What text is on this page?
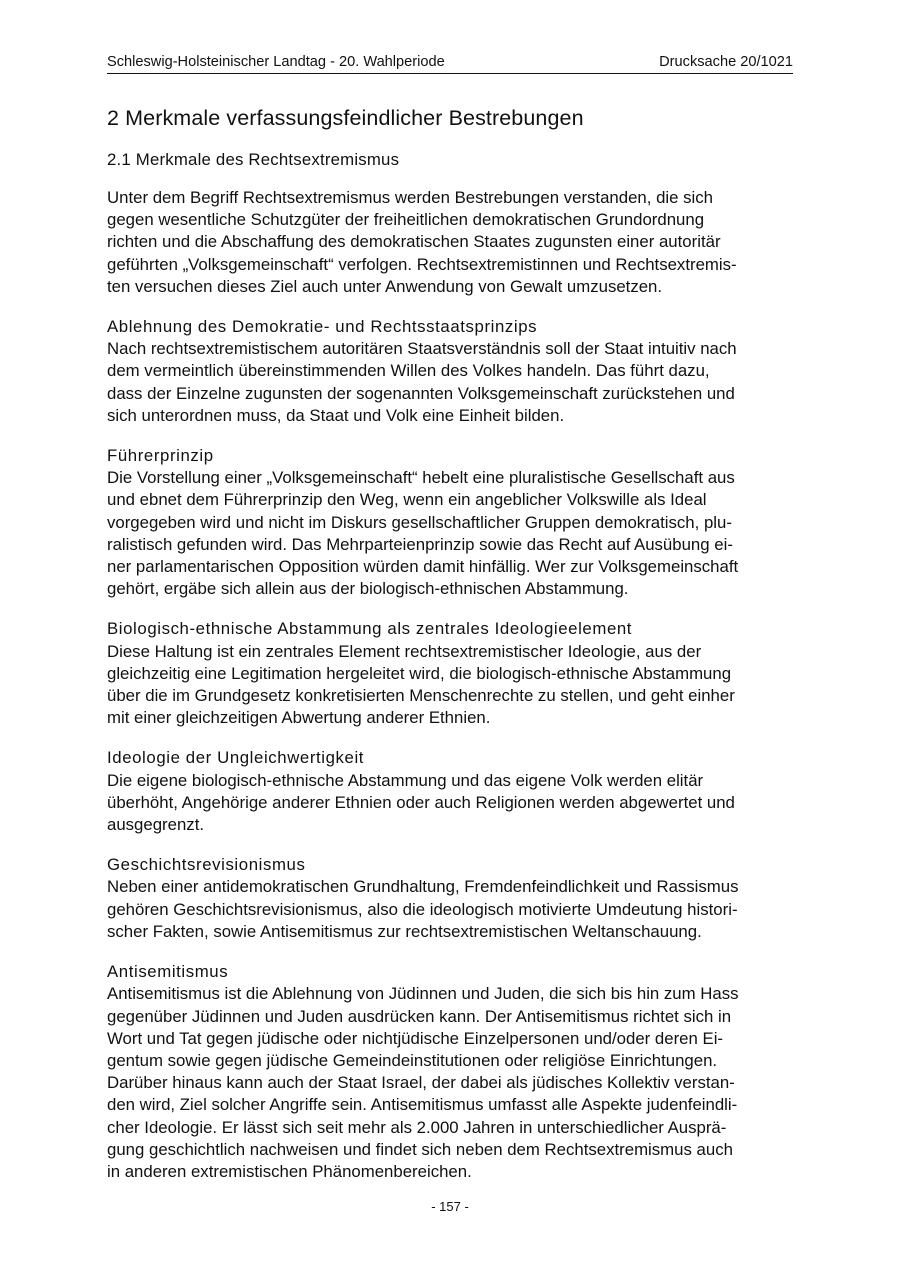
Schleswig-Holsteinischer Landtag - 20. Wahlperiode	Drucksache 20/1021
2 Merkmale verfassungsfeindlicher Bestrebungen
2.1 Merkmale des Rechtsextremismus

Unter dem Begriff Rechtsextremismus werden Bestrebungen verstanden, die sich
gegen wesentliche Schutzgüter der freiheitlichen demokratischen Grundordnung
richten und die Abschaffung des demokratischen Staates zugunsten einer autoritär
geführten „Volksgemeinschaft“ verfolgen. Rechtsextremistinnen und Rechtsextremis-
ten versuchen dieses Ziel auch unter Anwendung von Gewalt umzusetzen.

Ablehnung des Demokratie- und Rechtsstaatsprinzips

Nach rechtsextremistischem autoritären Staatsverständnis soll der Staat intuitiv nach
dem vermeintlich übereinstimmenden Willen des Volkes handeln. Das führt dazu,
dass der Einzelne zugunsten der sogenannten Volksgemeinschaft zurückstehen und
sich unterordnen muss, da Staat und Volk eine Einheit bilden.

Führerprinzip

Die Vorstellung einer „Volksgemeinschaft“ hebelt eine pluralistische Gesellschaft aus
und ebnet dem Führerprinzip den Weg, wenn ein angeblicher Volkswille als Ideal
vorgegeben wird und nicht im Diskurs gesellschaftlicher Gruppen demokratisch, plu-
ralistisch gefunden wird. Das Mehrparteienprinzip sowie das Recht auf Ausübung ei-
ner parlamentarischen Opposition würden damit hinfällig. Wer zur Volksgemeinschaft
gehört, ergäbe sich allein aus der biologisch-ethnischen Abstammung.

Biologisch-ethnische Abstammung als zentrales Ideologieelement

Diese Haltung ist ein zentrales Element rechtsextremistischer Ideologie, aus der
gleichzeitig eine Legitimation hergeleitet wird, die biologisch-ethnische Abstammung
über die im Grundgesetz konkretisierten Menschenrechte zu stellen, und geht einher
mit einer gleichzeitigen Abwertung anderer Ethnien.

Ideologie der Ungleichwertigkeit

Die eigene biologisch-ethnische Abstammung und das eigene Volk werden elitär
überhöht, Angehörige anderer Ethnien oder auch Religionen werden abgewertet und
ausgegrenzt.

Geschichtsrevisionismus

Neben einer antidemokratischen Grundhaltung, Fremdenfeindlichkeit und Rassismus
gehören Geschichtsrevisionismus, also die ideologisch motivierte Umdeutung histori-
scher Fakten, sowie Antisemitismus zur rechtsextremistischen Weltanschauung.

Antisemitismus

Antisemitismus ist die Ablehnung von Jüdinnen und Juden, die sich bis hin zum Hass
gegenüber Jüdinnen und Juden ausdrücken kann. Der Antisemitismus richtet sich in
Wort und Tat gegen jüdische oder nichtjüdische Einzelpersonen und/oder deren Ei-
gentum sowie gegen jüdische Gemeindeinstitutionen oder religiöse Einrichtungen.
Darüber hinaus kann auch der Staat Israel, der dabei als jüdisches Kollektiv verstan-
den wird, Ziel solcher Angriffe sein. Antisemitismus umfasst alle Aspekte judenfeindli-
cher Ideologie. Er lässt sich seit mehr als 2.000 Jahren in unterschiedlicher Ausprä-
gung geschichtlich nachweisen und findet sich neben dem Rechtsextremismus auch
in anderen extremistischen Phänomenbereichen.

- 157 -
